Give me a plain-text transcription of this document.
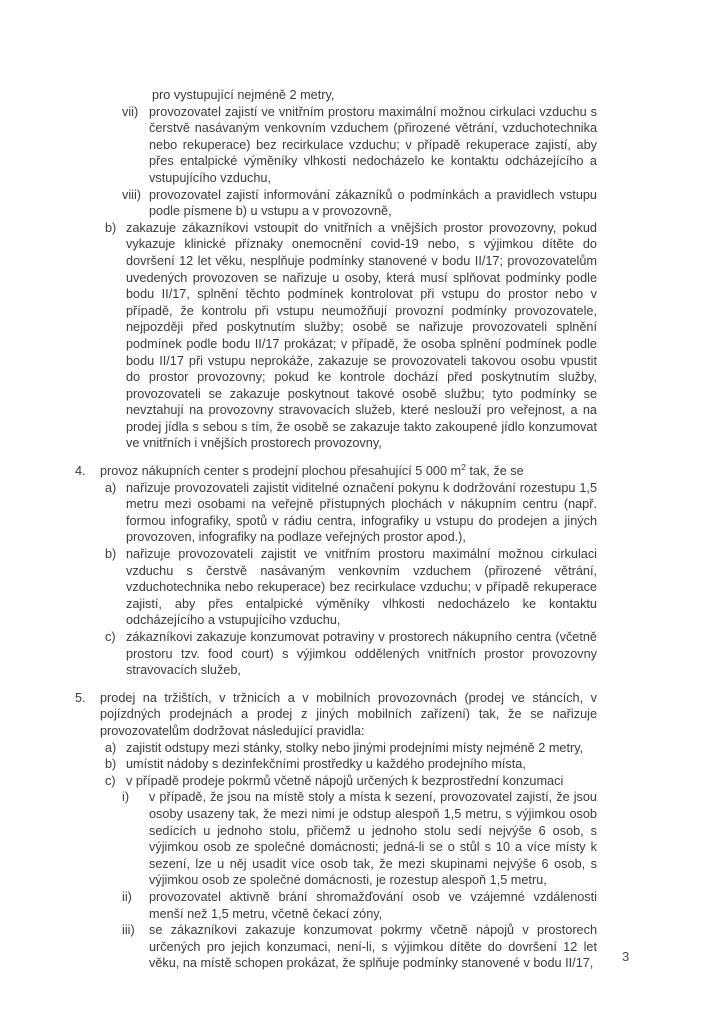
pro vystupující nejméně 2 metry,
vii) provozovatel zajistí ve vnitřním prostoru maximální možnou cirkulaci vzduchu s čerstvě nasávaným venkovním vzduchem (přirozené větrání, vzduchotechnika nebo rekuperace) bez recirkulace vzduchu; v případě rekuperace zajistí, aby přes entalpické výměníky vlhkosti nedocházelo ke kontaktu odcházejícího a vstupujícího vzduchu,
viii) provozovatel zajistí informování zákazníků o podmínkách a pravidlech vstupu podle písmene b) u vstupu a v provozovně,
b) zakazuje zákazníkovi vstoupit do vnitřních a vnějších prostor provozovny, pokud vykazuje klinické příznaky onemocnění covid-19 nebo, s výjimkou dítěte do dovršení 12 let věku, nesplňuje podmínky stanovené v bodu II/17; provozovatelům uvedených provozoven se nařizuje u osoby, která musí splňovat podmínky podle bodu II/17, splnění těchto podmínek kontrolovat při vstupu do prostor nebo v případě, že kontrolu při vstupu neumožňují provozní podmínky provozovatele, nejpozději před poskytnutím služby; osobě se nařizuje provozovateli splnění podmínek podle bodu II/17 prokázat; v případě, že osoba splnění podmínek podle bodu II/17 při vstupu neprokáže, zakazuje se provozovateli takovou osobu vpustit do prostor provozovny; pokud ke kontrole dochází před poskytnutím služby, provozovateli se zakazuje poskytnout takové osobě službu; tyto podmínky se nevztahují na provozovny stravovacích služeb, které neslouží pro veřejnost, a na prodej jídla s sebou s tím, že osobě se zakazuje takto zakoupené jídlo konzumovat ve vnitřních i vnějších prostorech provozovny,
4.	provoz nákupních center s prodejní plochou přesahující 5 000 $m^2$ tak, že se
a) nařizuje provozovateli zajistit viditelné označení pokynu k dodržování rozestupu 1,5 metru mezi osobami na veřejně přístupných plochách v nákupním centru (např. formou infografiky, spotů v rádiu centra, infografiky u vstupu do prodejen a jiných provozoven, infografiky na podlaze veřejných prostor apod.),
b) nařizuje provozovateli zajistit ve vnitřním prostoru maximální možnou cirkulaci vzduchu s čerstvě nasávaným venkovním vzduchem (přirozené větrání, vzduchotechnika nebo rekuperace) bez recirkulace vzduchu; v případě rekuperace zajistí, aby přes entalpické výměníky vlhkosti nedocházelo ke kontaktu odcházejícího a vstupujícího vzduchu,
c) zákazníkovi zakazuje konzumovat potraviny v prostorech nákupního centra (včetně prostoru tzv. food court) s výjimkou oddělených vnitřních prostor provozovny stravovacích služeb,
5.	prodej na tržištích, v tržnicích a v mobilních provozovnách (prodej ve stáncích, v pojízdných prodejnách a prodej z jiných mobilních zařízení) tak, že se nařizuje provozovatelům dodržovat následující pravidla:
a) zajistit odstupy mezi stánky, stolky nebo jinými prodejními místy nejméně 2 metry,
b) umístit nádoby s dezinfekčními prostředky u každého prodejního místa,
c) v případě prodeje pokrmů včetně nápojů určených k bezprostřední konzumaci
i)	v případě, že jsou na místě stoly a místa k sezení, provozovatel zajistí, že jsou osoby usazeny tak, že mezi nimi je odstup alespoň 1,5 metru, s výjimkou osob sedících u jednoho stolu, přičemž u jednoho stolu sedí nejvýše 6 osob, s výjimkou osob ze společné domácnosti; jedná-li se o stůl s 10 a více místy k sezení, lze u něj usadit více osob tak, že mezi skupinami nejvýše 6 osob, s výjimkou osob ze společné domácnosti, je rozestup alespoň 1,5 metru,
ii)	provozovatel aktivně brání shromažďování osob ve vzájemné vzdálenosti menší než 1,5 metru, včetně čekací zóny,
iii)	se zákazníkovi zakazuje konzumovat pokrmy včetně nápojů v prostorech určených pro jejich konzumaci, není-li, s výjimkou dítěte do dovršení 12 let věku, na místě schopen prokázat, že splňuje podmínky stanovené v bodu II/17, 3
